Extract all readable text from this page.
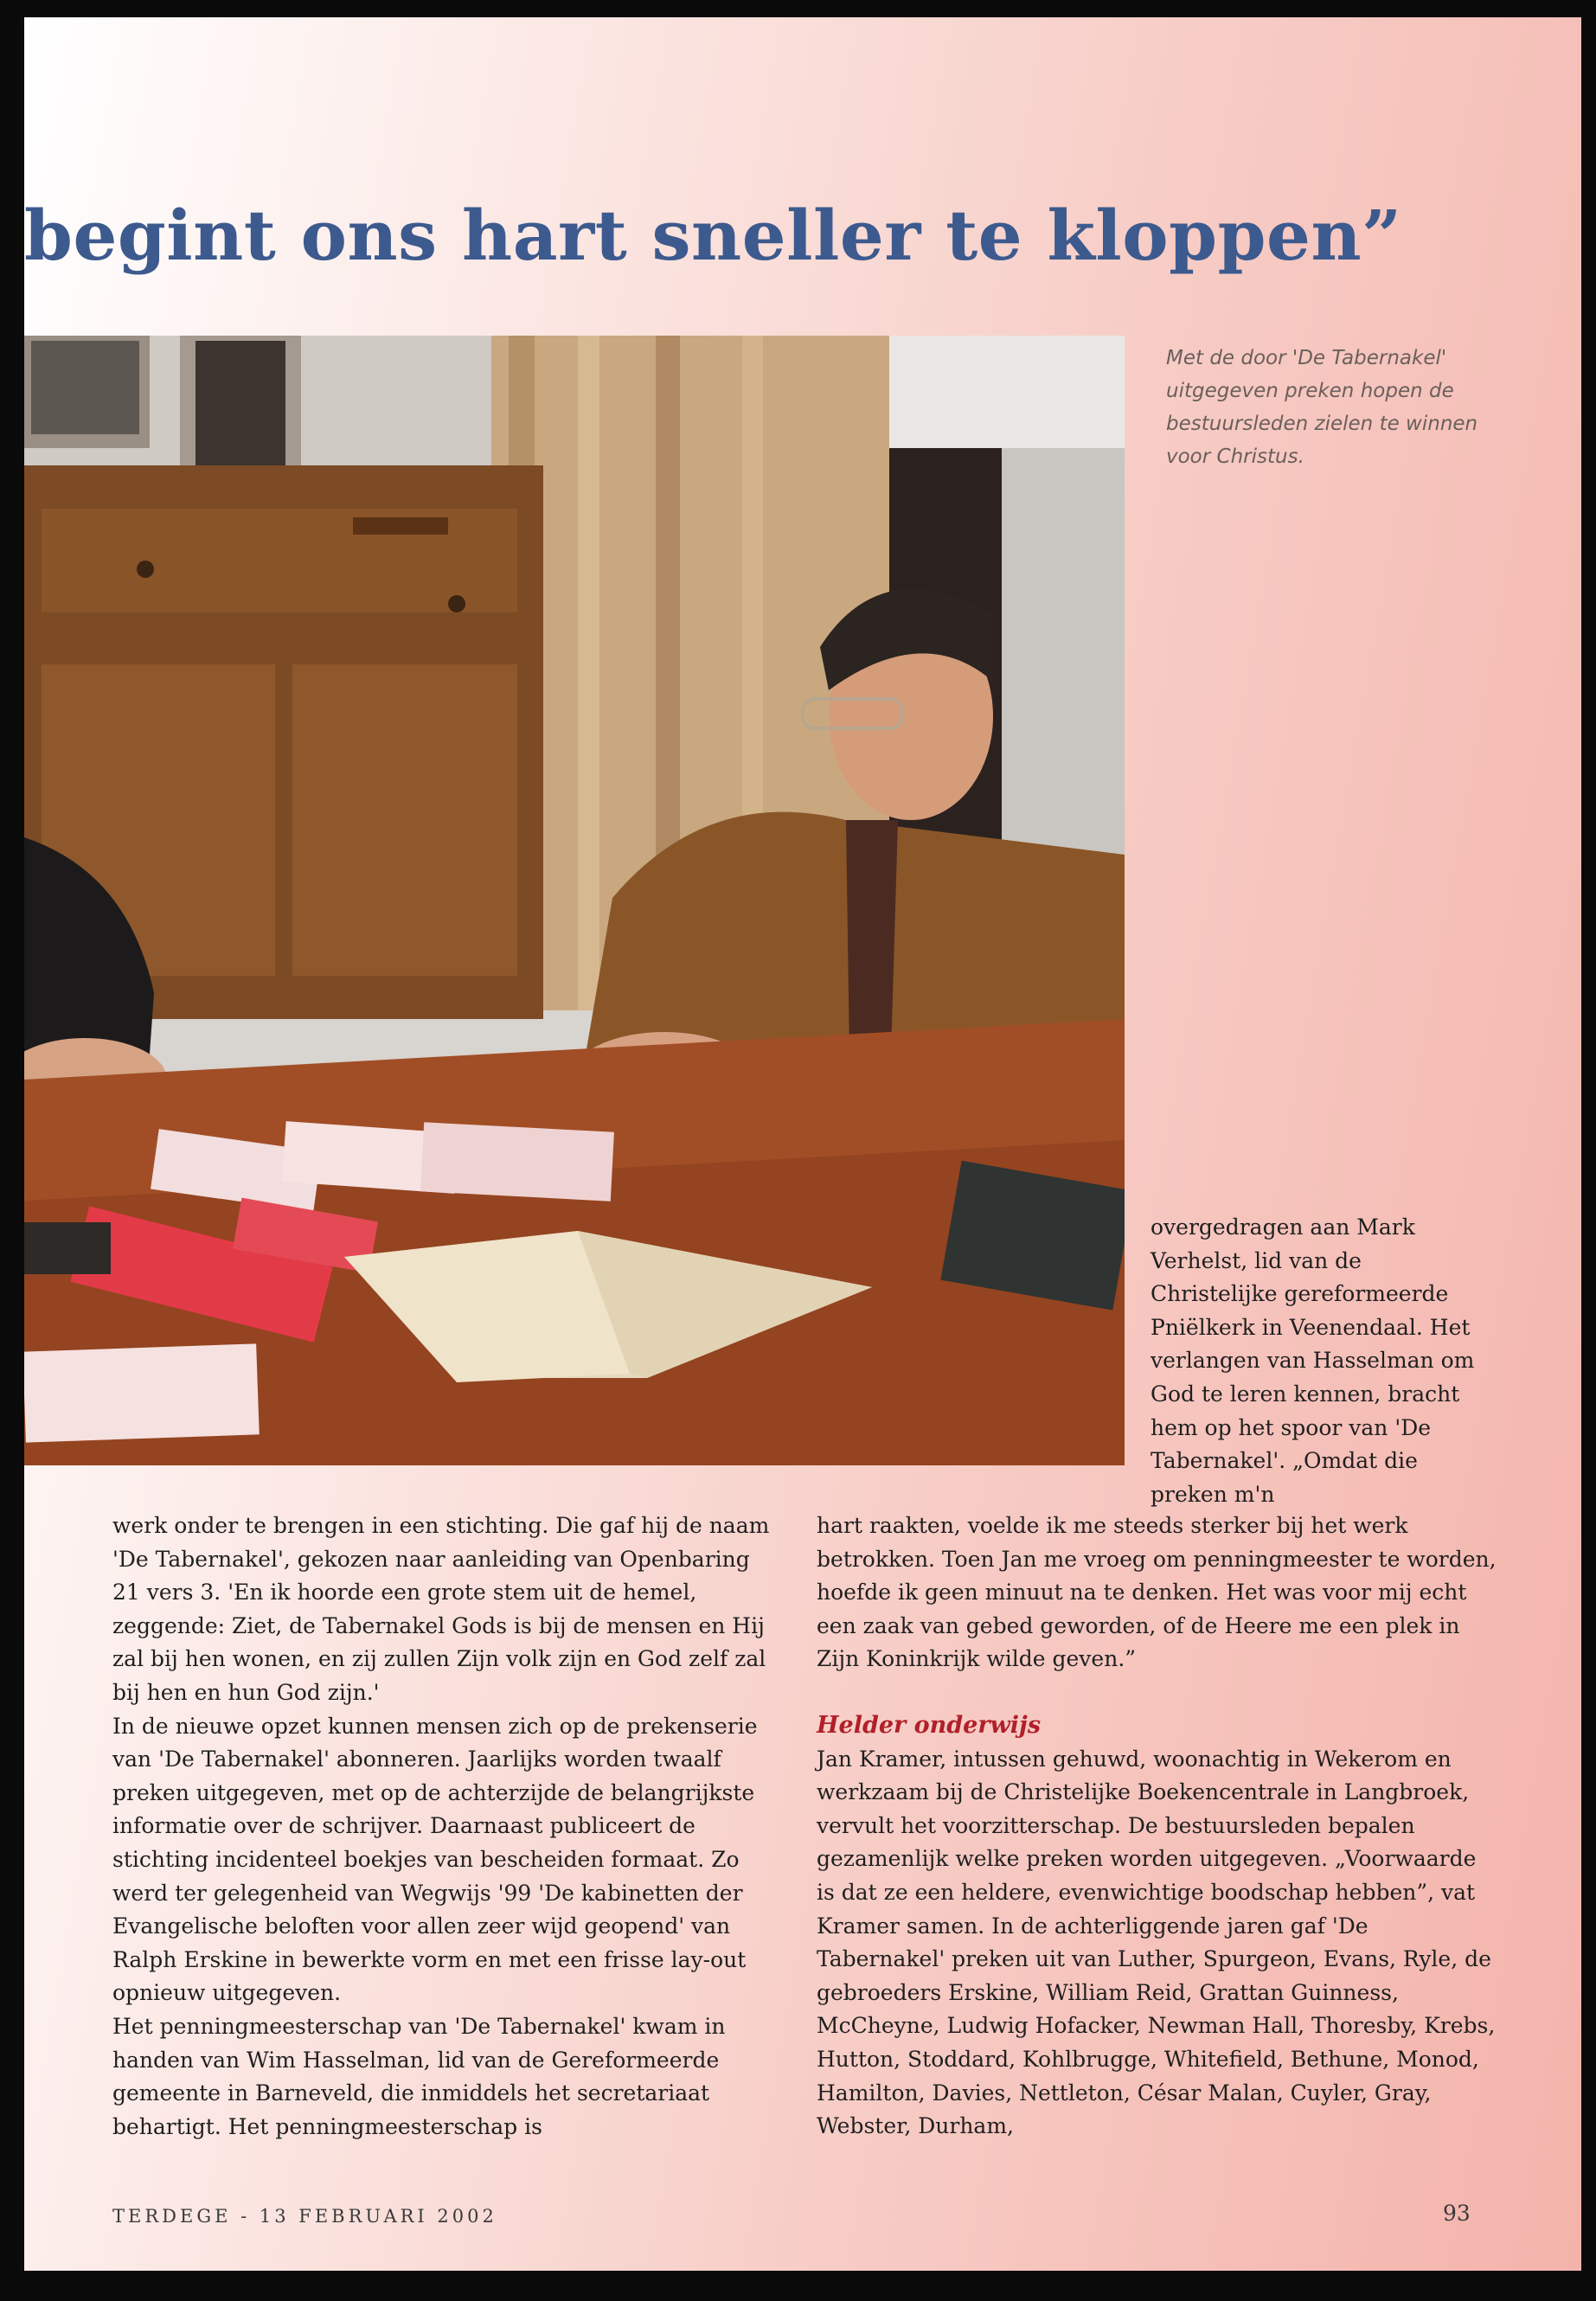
begint ons hart sneller te kloppen”

Met de door 'De Tabernakel' uitgegeven preken hopen de bestuursleden zielen te winnen voor Christus.

overgedragen aan Mark Verhelst, lid van de Christelijke gereformeerde Pniëlkerk in Veenendaal. Het verlangen van Hasselman om God te leren kennen, bracht hem op het spoor van 'De Tabernakel'. „Omdat die preken m'n

werk onder te brengen in een stichting. Die gaf hij de naam 'De Tabernakel', gekozen naar aanleiding van Openbaring 21 vers 3. 'En ik hoorde een grote stem uit de hemel, zeggende: Ziet, de Tabernakel Gods is bij de mensen en Hij zal bij hen wonen, en zij zullen Zijn volk zijn en God zelf zal bij hen en hun God zijn.'

In de nieuwe opzet kunnen mensen zich op de prekenserie van 'De Tabernakel' abonneren. Jaarlijks worden twaalf preken uitgegeven, met op de achterzijde de belangrijkste informatie over de schrijver. Daarnaast publiceert de stichting incidenteel boekjes van bescheiden formaat. Zo werd ter gelegenheid van Wegwijs '99 'De kabinetten der Evangelische beloften voor allen zeer wijd geopend' van Ralph Erskine in bewerkte vorm en met een frisse lay-out opnieuw uitgegeven.

Het penningmeesterschap van 'De Tabernakel' kwam in handen van Wim Hasselman, lid van de Gereformeerde gemeente in Barneveld, die inmiddels het secretariaat behartigt. Het penningmeesterschap is

hart raakten, voelde ik me steeds sterker bij het werk betrokken. Toen Jan me vroeg om penningmeester te worden, hoefde ik geen minuut na te denken. Het was voor mij echt een zaak van gebed geworden, of de Heere me een plek in Zijn Koninkrijk wilde geven.”

Helder onderwijs

Jan Kramer, intussen gehuwd, woonachtig in Wekerom en werkzaam bij de Christelijke Boekencentrale in Langbroek, vervult het voorzitterschap. De bestuursleden bepalen gezamenlijk welke preken worden uitgegeven. „Voorwaarde is dat ze een heldere, evenwichtige boodschap hebben”, vat Kramer samen. In de achterliggende jaren gaf 'De Tabernakel' preken uit van Luther, Spurgeon, Evans, Ryle, de gebroeders Erskine, William Reid, Grattan Guinness, McCheyne, Ludwig Hofacker, Newman Hall, Thoresby, Krebs, Hutton, Stoddard, Kohlbrugge, Whitefield, Bethune, Monod, Hamilton, Davies, Nettleton, César Malan, Cuyler, Gray, Webster, Durham,

TERDEGE - 13 FEBRUARI 2002	93
